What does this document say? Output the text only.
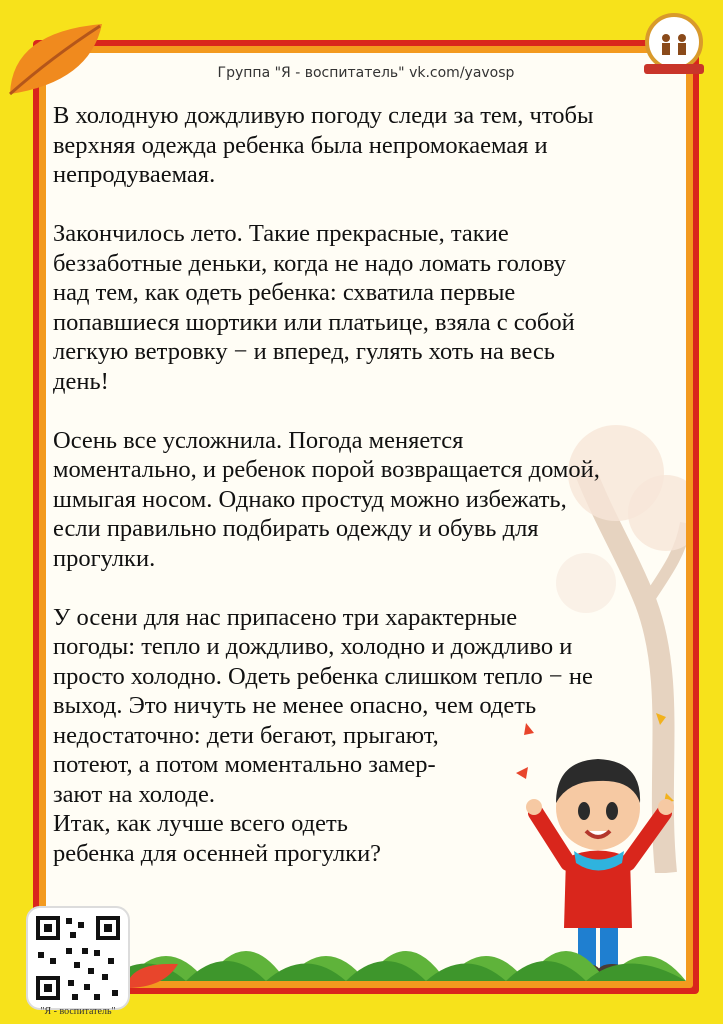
Группа "Я - воспитатель" vk.com/yavosp

В холодную дождливую погоду следи за тем, чтобы
верхняя одежда ребенка была непромокаемая и
непродуваемая.

Закончилось лето. Такие прекрасные, такие
беззаботные деньки, когда не надо ломать голову
над тем, как одеть ребенка: схватила первые
попавшиеся шортики или платьице, взяла с собой
легкую ветровку − и вперед, гулять хоть на весь
день!

Осень все усложнила. Погода меняется
моментально, и ребенок порой возвращается домой,
шмыгая носом. Однако простуд можно избежать,
если правильно подбирать одежду и обувь для
прогулки.

У осени для нас припасено три характерные
погоды: тепло и дождливо, холодно и дождливо и
просто холодно. Одеть ребенка слишком тепло − не
выход. Это ничуть не менее опасно, чем одеть
недостаточно: дети бегают, прыгают,
потеют, а потом моментально замер-
зают на холоде.
Итак, как лучше всего одеть
ребенка для осенней прогулки?

"Я - воспитатель"
